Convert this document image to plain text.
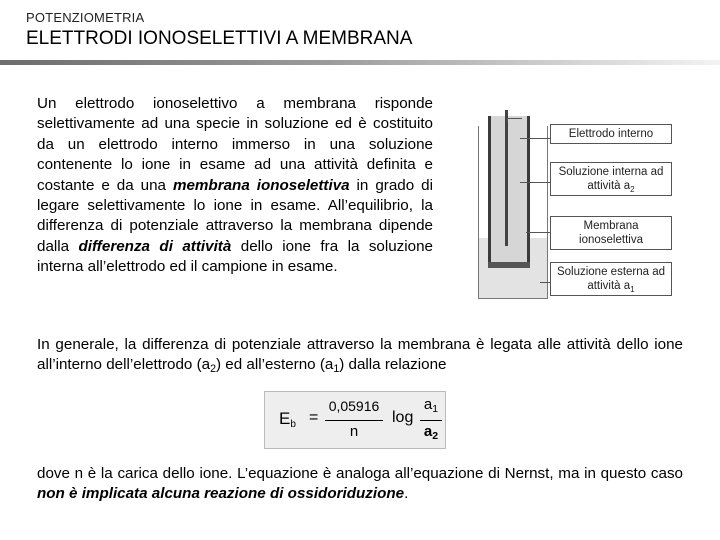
POTENZIOMETRIA
ELETTRODI IONOSELETTIVI A MEMBRANA

Un elettrodo ionoselettivo a membrana risponde selettivamente ad una specie in soluzione ed è costituito da un elettrodo interno immerso in una soluzione contenente lo ione in esame ad una attività definita e costante e da una membrana ionoselettiva in grado di legare selettivamente lo ione in esame. All’equilibrio, la differenza di potenziale attraverso la membrana dipende dalla differenza di attività dello ione fra la soluzione interna all’elettrodo ed il campione in esame.

Elettrodo interno
Soluzione interna ad attività $a_2$
Membrana ionoselettiva
Soluzione esterna ad attività $a_1$

In generale, la differenza di potenziale attraverso la membrana è legata alle attività dello ione all’interno dell’elettrodo $(a_2)$ ed all’esterno $(a_1)$ dalla relazione

$E_b$ =
0,05916
n
log
$a_1$
$a_2$

dove n è la carica dello ione. L’equazione è analoga all’equazione di Nernst, ma in questo caso non è implicata alcuna reazione di ossidoriduzione.
